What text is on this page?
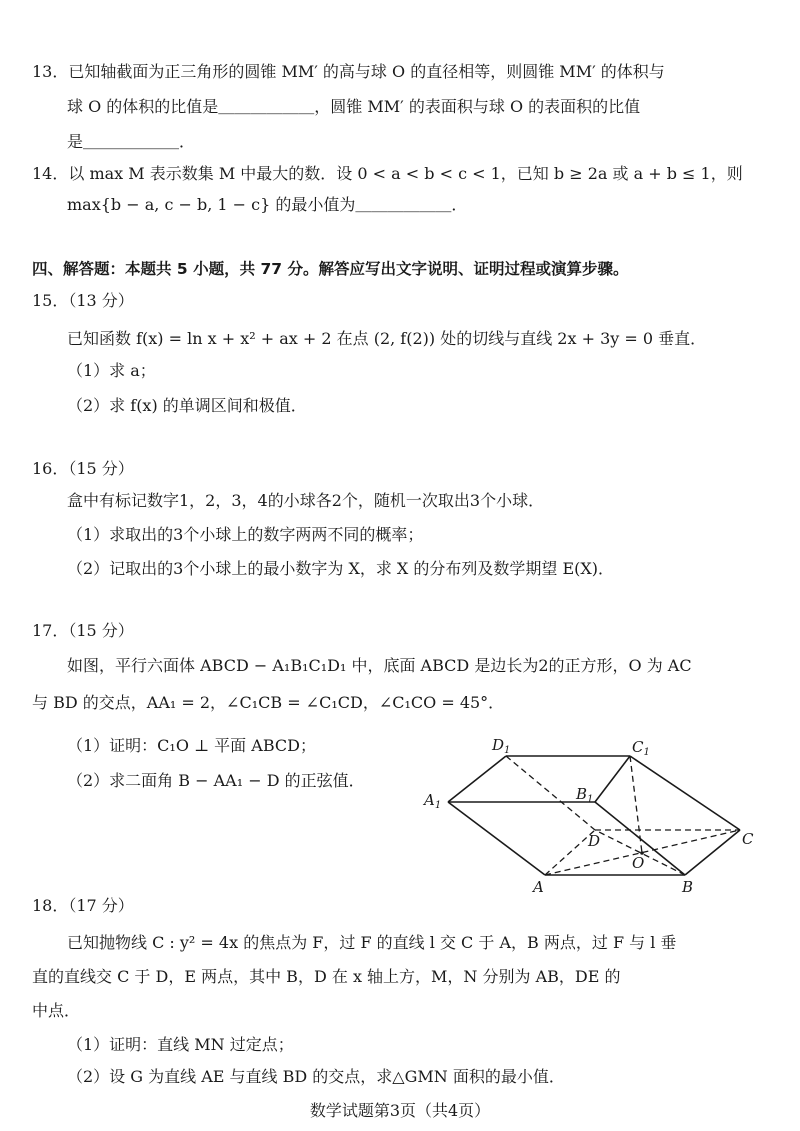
13．已知轴截面为正三角形的圆锥 MM′ 的高与球 O 的直径相等，则圆锥 MM′ 的体积与
球 O 的体积的比值是＿＿＿＿＿＿，圆锥 MM′ 的表面积与球 O 的表面积的比值
是＿＿＿＿＿＿．
14．以 max M 表示数集 M 中最大的数．设 0 < a < b < c < 1，已知 b ≥ 2a 或 a + b ≤ 1，则
max{b − a, c − b, 1 − c} 的最小值为＿＿＿＿＿＿．
四、解答题：本题共 5 小题，共 77 分。解答应写出文字说明、证明过程或演算步骤。
15．（13 分）
已知函数 f(x) = ln x + x² + ax + 2 在点 (2, f(2)) 处的切线与直线 2x + 3y = 0 垂直．
（1）求 a；
（2）求 f(x) 的单调区间和极值．
16．（15 分）
盒中有标记数字1，2，3，4的小球各2个，随机一次取出3个小球．
（1）求取出的3个小球上的数字两两不同的概率；
（2）记取出的3个小球上的最小数字为 X，求 X 的分布列及数学期望 E(X)．
17．（15 分）
如图，平行六面体 ABCD − A₁B₁C₁D₁ 中，底面 ABCD 是边长为2的正方形，O 为 AC
与 BD 的交点，AA₁ = 2，∠C₁CB = ∠C₁CD，∠C₁CO = 45°．
（1）证明：C₁O ⊥ 平面 ABCD；
（2）求二面角 B − AA₁ − D 的正弦值．
$D_1$	$C_1$
$A_1$
$B_1$
D	C
O
A	B
18．（17 分）
已知抛物线 C : y² = 4x 的焦点为 F，过 F 的直线 l 交 C 于 A，B 两点，过 F 与 l 垂
直的直线交 C 于 D，E 两点，其中 B，D 在 x 轴上方，M，N 分别为 AB，DE 的
中点．
（1）证明：直线 MN 过定点；
（2）设 G 为直线 AE 与直线 BD 的交点，求△GMN 面积的最小值．
数学试题第3页（共4页）
